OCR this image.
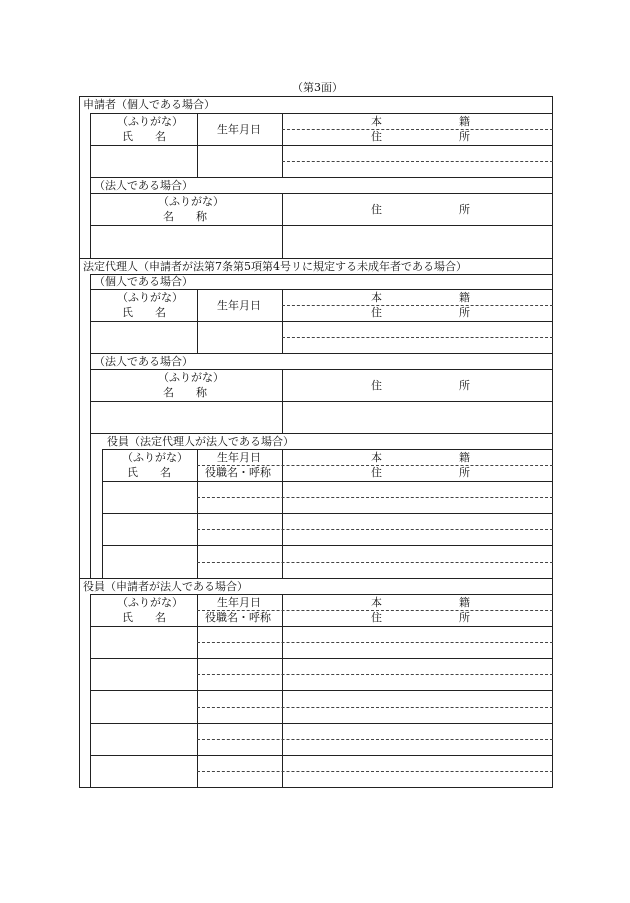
（第3面）
申請者（個人である場合）
（ふりがな）
氏　　名
生年月日
本　　　　　　　籍
住　　　　　　　所
（法人である場合）
（ふりがな）
名　　称
住　　　　　　　所
法定代理人（申請者が法第7条第5項第4号リに規定する未成年者である場合）
（個人である場合）
（ふりがな）
氏　　名
生年月日
本　　　　　　　籍
住　　　　　　　所
（法人である場合）
（ふりがな）
名　　称
住　　　　　　　所
役員（法定代理人が法人である場合）
（ふりがな）
氏　　名
生年月日
役職名・呼称
本　　　　　　　籍
住　　　　　　　所
役員（申請者が法人である場合）
（ふりがな）
氏　　名
生年月日
役職名・呼称
本　　　　　　　籍
住　　　　　　　所
